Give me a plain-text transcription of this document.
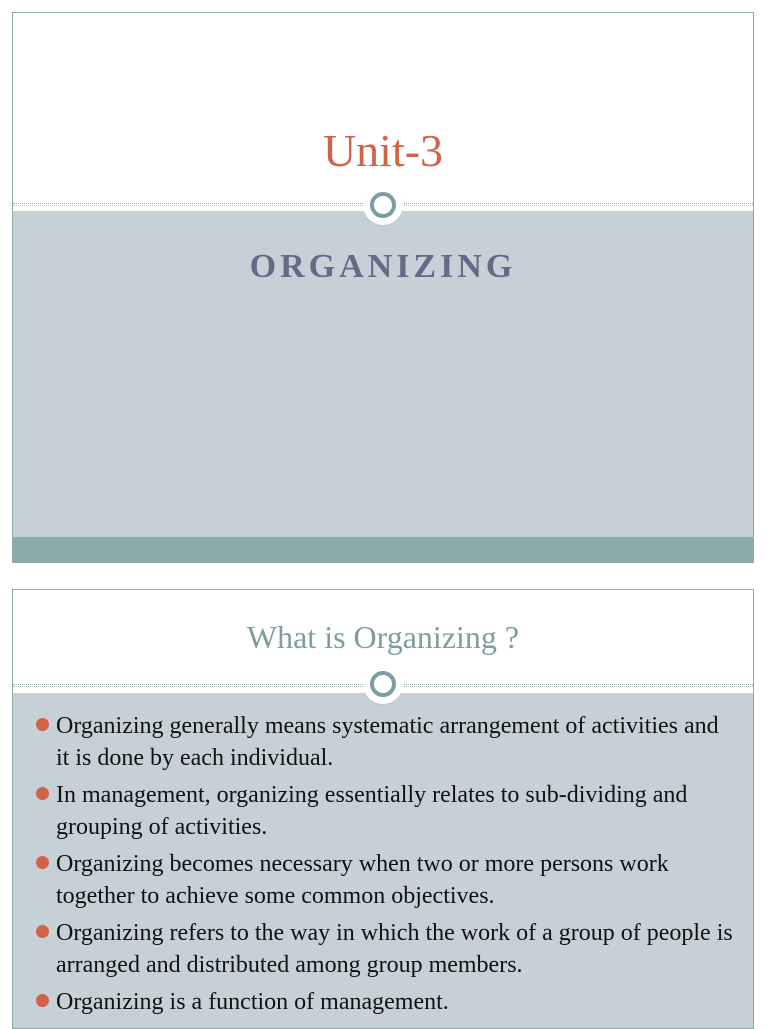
Unit-3
ORGANIZING
What is Organizing ?
Organizing generally means systematic arrangement of activities and it is done by each individual.
In management, organizing essentially relates to sub-dividing and grouping of activities.
Organizing becomes necessary when two or more persons work together to achieve some common objectives.
Organizing refers to the way in which the work of a group of people is arranged and distributed among group members.
Organizing is a function of management.
